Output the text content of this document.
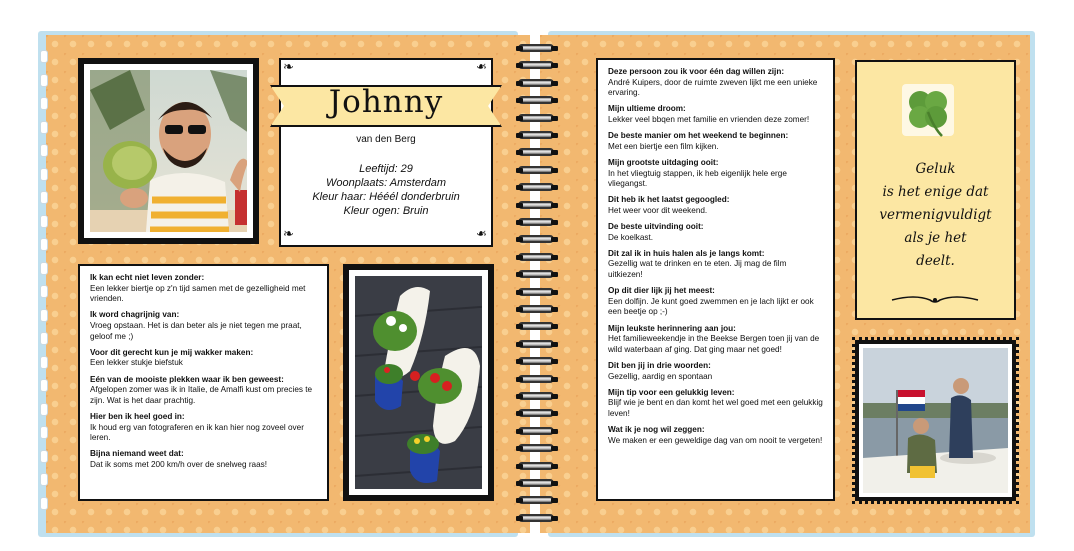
❧	❧
❧	❧
Johnny
van den Berg
Leeftijd: 29
Woonplaats: Amsterdam
Kleur haar: Hééél donderbruin
Kleur ogen: Bruin
Ik kan echt niet leven zonder:
Een lekker biertje op z'n tijd samen met de gezelligheid met vrienden.
Ik word chagrijnig van:
Vroeg opstaan. Het is dan beter als je niet tegen me praat, geloof me ;)
Voor dit gerecht kun je mij wakker maken:
Een lekker stukje biefstuk
Eén van de mooiste plekken waar ik ben geweest:
Afgelopen zomer was ik in Italie, de Amalfi kust om precies te zijn. Wat is het daar prachtig.
Hier ben ik heel goed in:
Ik houd erg van fotograferen en ik kan hier nog zoveel over leren.
Bijna niemand weet dat:
Dat ik soms met 200 km/h over de snelweg raas!
Deze persoon zou ik voor één dag willen zijn:
André Kuipers, door de ruimte zweven lijkt me een unieke ervaring.
Mijn ultieme droom:
Lekker veel bbqen met familie en vrienden deze zomer!
De beste manier om het weekend te beginnen:
Met een biertje een film kijken.
Mijn grootste uitdaging ooit:
In het vliegtuig stappen, ik heb eigenlijk hele erge vliegangst.
Dit heb ik het laatst gegoogled:
Het weer voor dit weekend.
De beste uitvinding ooit:
De koelkast.
Dit zal ik in huis halen als je langs komt:
Gezellig wat te drinken en te eten. Jij mag de film uitkiezen!
Op dit dier lijk jij het meest:
Een dolfijn. Je kunt goed zwemmen en je lach lijkt er ook een beetje op ;-)
Mijn leukste herinnering aan jou:
Het familieweekendje in the Beekse Bergen toen jij van de wild waterbaan af ging. Dat ging maar net goed!
Dit ben jij in drie woorden:
Gezellig, aardig en spontaan
Mijn tip voor een gelukkig leven:
Blijf wie je bent en dan komt het wel goed met een gelukkig leven!
Wat ik je nog wil zeggen:
We maken er een geweldige dag van om nooit te vergeten!
Geluk
is het enige dat
vermenigvuldigt
als je het
deelt.
